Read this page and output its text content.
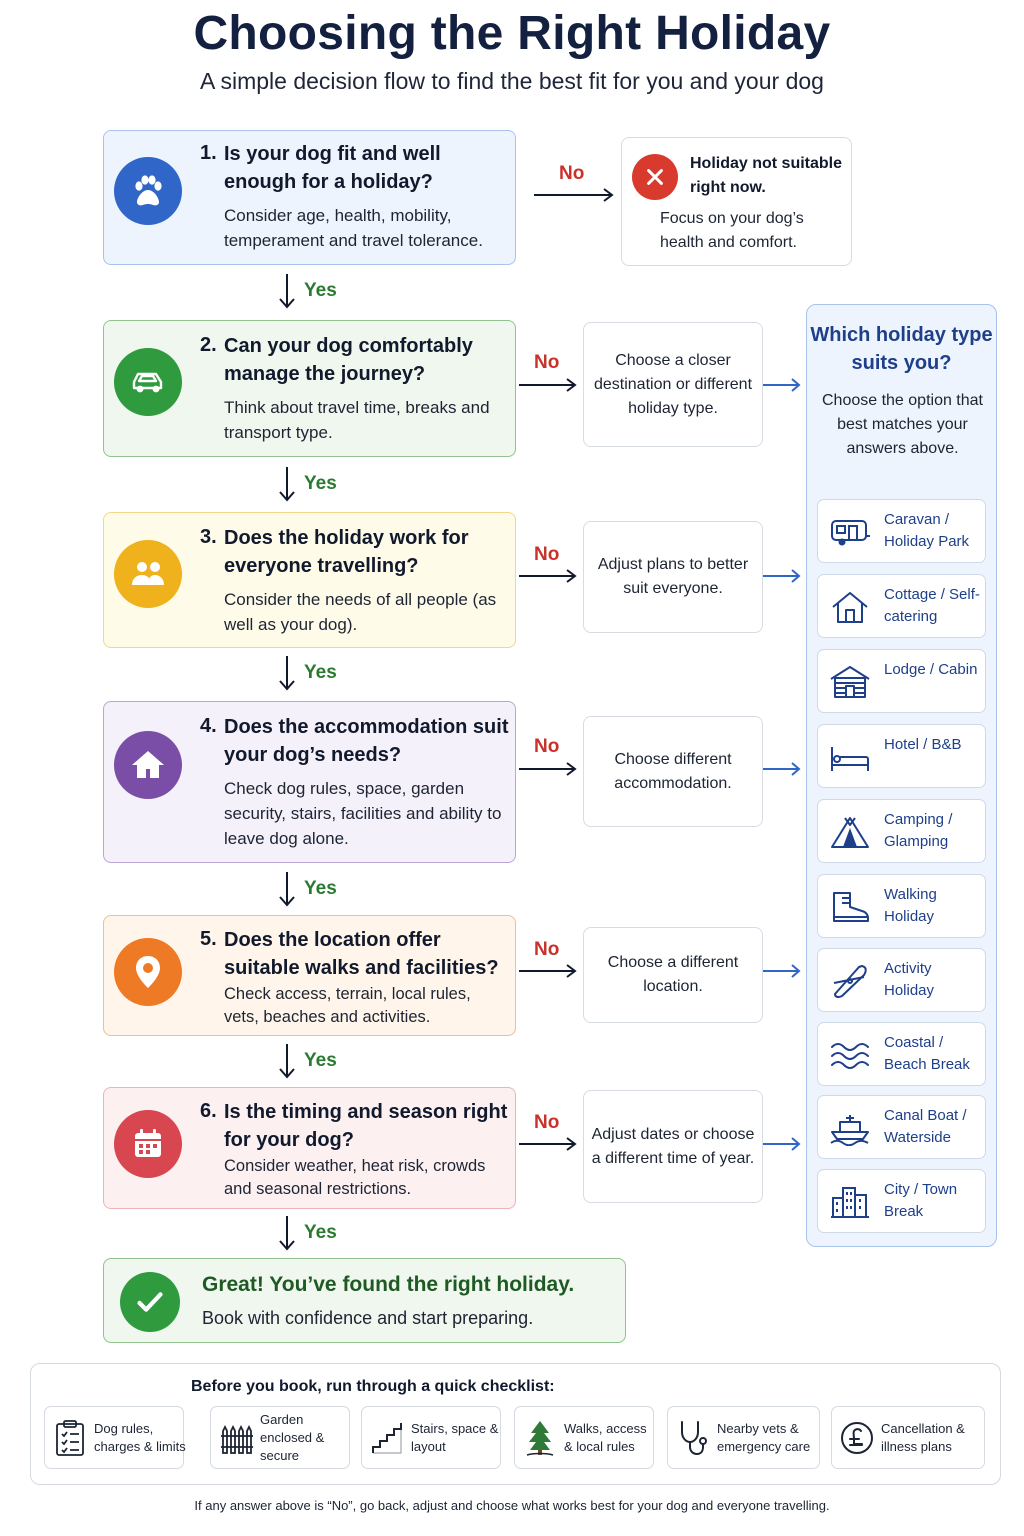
Choosing the Right Holiday
A simple decision flow to find the best fit for you and your dog
1. Is your dog fit and well enough for a holiday?
Consider age, health, mobility, temperament and travel tolerance.
2. Can your dog comfortably manage the journey?
Think about travel time, breaks and transport type.
3. Does the holiday work for everyone travelling?
Consider the needs of all people (as well as your dog).
4. Does the accommodation suit your dog’s needs?
Check dog rules, space, garden security, stairs, facilities and ability to leave dog alone.
5. Does the location offer suitable walks and facilities?
Check access, terrain, local rules, vets, beaches and activities.
6. Is the timing and season right for your dog?
Consider weather, heat risk, crowds and seasonal restrictions.
Yes
Yes
Yes
Yes
Yes
Yes
No
No
No
No
No
No
Holiday not suitable right now.
Focus on your dog’s health and comfort.
Choose a closer destination or different holiday type.
Adjust plans to better suit everyone.
Choose different accommodation.
Choose a different location.
Adjust dates or choose a different time of year.
Which holiday type suits you?
Choose the option that best matches your answers above.
Caravan / Holiday Park
Cottage / Self-catering
Lodge / Cabin
Hotel / B&B
Camping / Glamping
Walking Holiday
Activity Holiday
Coastal / Beach Break
Canal Boat / Waterside
City / Town Break
Great! You’ve found the right holiday.
Book with confidence and start preparing.
Before you book, run through a quick checklist:
Dog rules, charges & limits
Garden enclosed & secure
Stairs, space & layout
Walks, access & local rules
Nearby vets & emergency care
Cancellation & illness plans
If any answer above is “No”, go back, adjust and choose what works best for your dog and everyone travelling.
